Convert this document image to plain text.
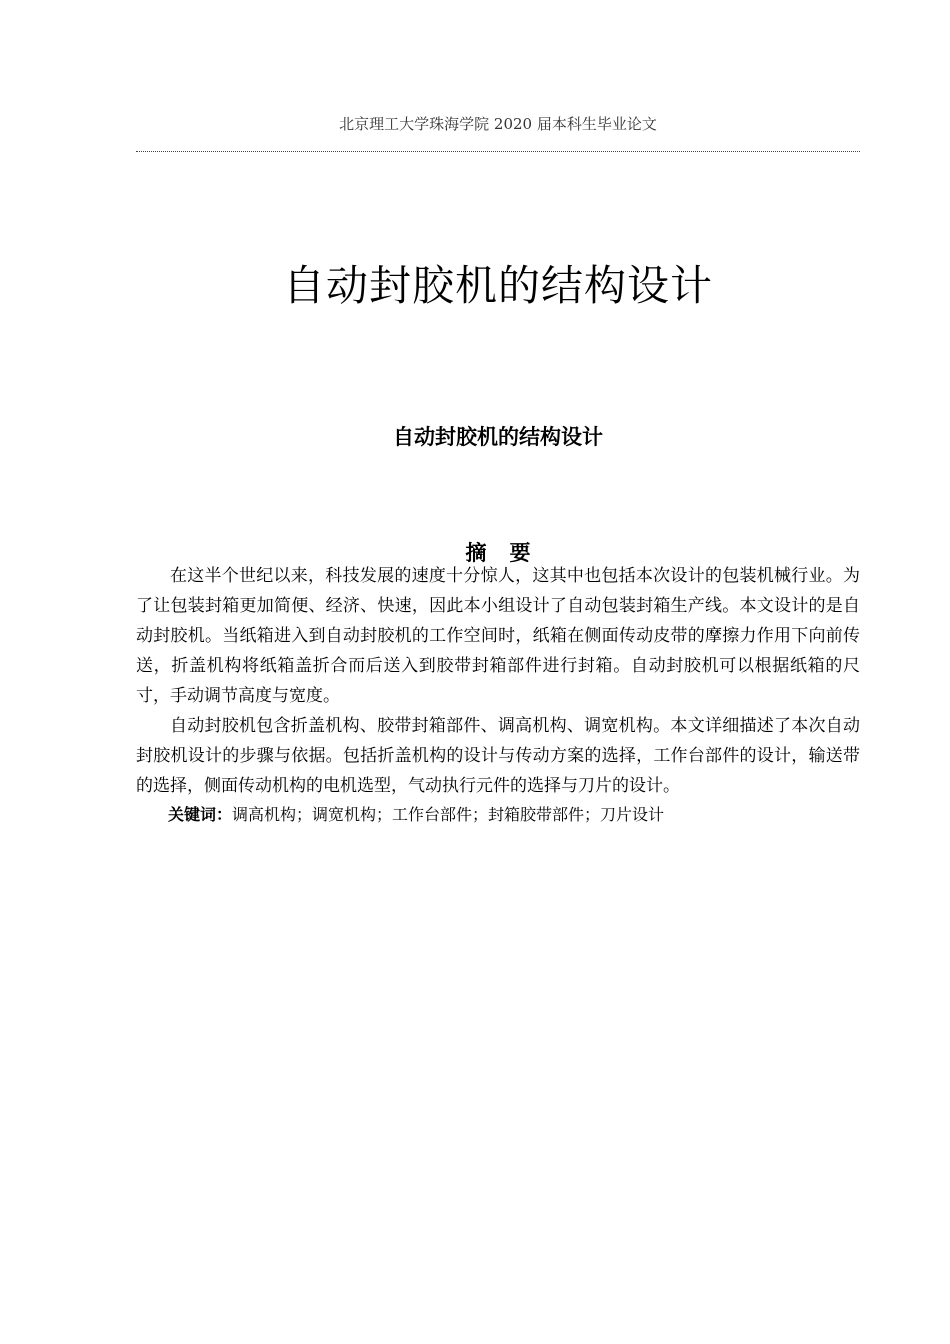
北京理工大学珠海学院 2020 届本科生毕业论文
自动封胶机的结构设计
自动封胶机的结构设计
摘要

在这半个世纪以来，科技发展的速度十分惊人，这其中也包括本次设计的包装机械行业。为了让包装封箱更加简便、经济、快速，因此本小组设计了自动包装封箱生产线。本文设计的是自动封胶机。当纸箱进入到自动封胶机的工作空间时，纸箱在侧面传动皮带的摩擦力作用下向前传送，折盖机构将纸箱盖折合而后送入到胶带封箱部件进行封箱。自动封胶机可以根据纸箱的尺寸，手动调节高度与宽度。

自动封胶机包含折盖机构、胶带封箱部件、调高机构、调宽机构。本文详细描述了本次自动封胶机设计的步骤与依据。包括折盖机构的设计与传动方案的选择，工作台部件的设计，输送带的选择，侧面传动机构的电机选型，气动执行元件的选择与刀片的设计。

关键词：调高机构；调宽机构；工作台部件；封箱胶带部件；刀片设计
